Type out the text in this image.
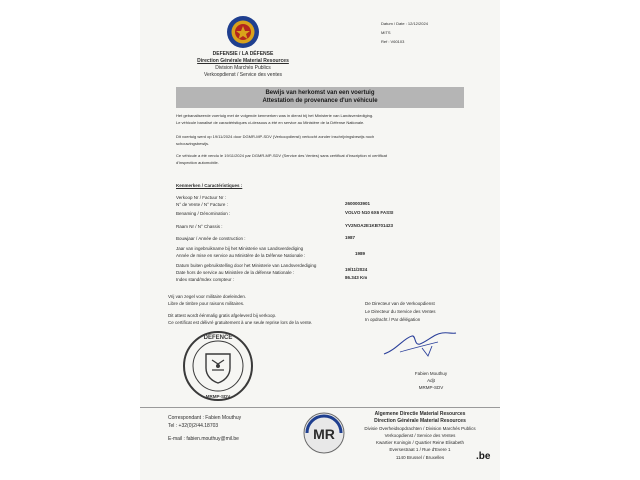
Datum / Date : 12/12/2024
MITS
Ref : V60103
DEFENSIE / LA DÉFENSE
Direction Générale Material Resources
Division Marchés Publics
Verkoopdienst / Service des ventes
Bewijs van herkomst van een voertuig
Attestation de provenance d'un véhicule
Het gebanaliseerde voertuig met de volgende kenmerken was in dienst bij het Ministerie van Landsverdediging.
Le véhicule banalisé de caractéristiques ci-dessous a été en service au Ministère de la Défense Nationale.
Dit voertuig werd op 19/11/2024 door DGMR-MP-SDV (Verkoopdienst) verkocht zonder inschrijvingsbewijs noch
schouwingsbewijs.
Ce véhicule a été vendu le 19/11/2024 par DGMR-MP-SDV (Service des Ventes) sans certificat d'inscription ni certificat
d'inspection automobile.
Kenmerken / Caractéristiques :
Verkoop Nr / Factuur Nr :
N° de Vente / N° Facture :	2600003901
Benaming / Dénomination :	VOLVO N10 6X6 FASSI
Raam Nr / N° Chassis :	YV2NOA2E1KB701423
Bouwjaar / Année de construction :	1987
Jaar van ingebruikname bij het Ministerie van Landsverdediging
Année de mise en service au Ministère de la Défense Nationale :	1989
Datum buiten gebruikstelling door het Ministerie van Landsverdediging
Date hors de service au Ministère de la défense Nationale :
19/11/2024
Index stand/Index compteur :	86.343 Km
Vrij van zegel voor militaire doeleinden.
Libre de timbre pour raisons militaires.
Dit attest wordt éénmalig gratis afgeleverd bij verkoop.
Ce certificat est délivré gratuitement à une seule reprise lors de la vente.
De Directeur van de Verkoopdienst
Le Directeur du Service des Ventes
In opdracht / Par délégation
Fabien Mouthuy
Adjt
MRMP-SDV
DEFENCE
MRMP-SDV
Correspondant : Fabien Mouthuy
Tel : +32(0)2/44.18703
E-mail : fabien.mouthuy@mil.be	MR
Algemene Directie Material Resources
Direction Générale Material Resources
Divisie Overheidsopdrachten / Division Marchés Publics
Verkoopdienst / Service des Ventes
Kwartier Koningin / Quartier Reine Elisabeth
Eversestraat 1 / Rue d'Evere 1
1140 Brussel / Bruxelles	.be
